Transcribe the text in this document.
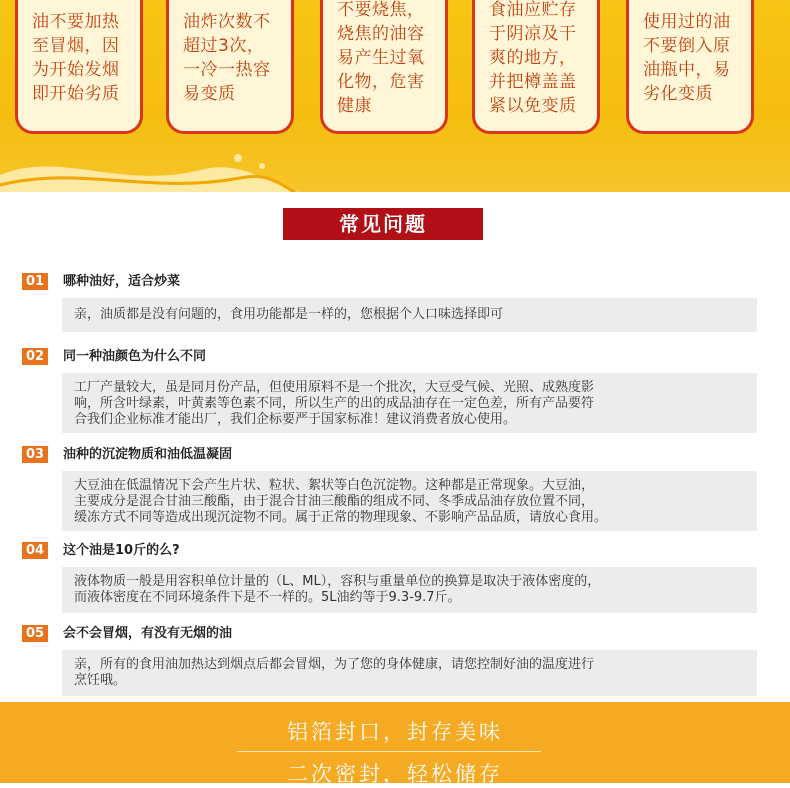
油不要加热
至冒烟，因
为开始发烟
即开始劣质
油炸次数不
超过3次，
一冷一热容
易变质
不要烧焦，
烧焦的油容
易产生过氧
化物，危害
健康
食油应贮存
于阴凉及干
爽的地方，
并把樽盖盖
紧以免变质
使用过的油
不要倒入原
油瓶中，易
劣化变质
常见问题
01	哪种油好，适合炒菜
亲，油质都是没有问题的，食用功能都是一样的，您根据个人口味选择即可
02	同一种油颜色为什么不同
工厂产量较大，虽是同月份产品，但使用原料不是一个批次，大豆受气候、光照、成熟度影
响，所含叶绿素，叶黄素等色素不同，所以生产的出的成品油存在一定色差，所有产品要符
合我们企业标准才能出厂，我们企标要严于国家标准！建议消费者放心使用。
03	油种的沉淀物质和油低温凝固
大豆油在低温情况下会产生片状、粒状、絮状等白色沉淀物。这种都是正常现象。大豆油，
主要成分是混合甘油三酸酯，由于混合甘油三酸酯的组成不同、冬季成品油存放位置不同，
缓冻方式不同等造成出现沉淀物不同。属于正常的物理现象、不影响产品品质，请放心食用。
04	这个油是10斤的么?
液体物质一般是用容积单位计量的（L、ML），容积与重量单位的换算是取决于液体密度的，
而液体密度在不同环境条件下是不一样的。5L油约等于9.3-9.7斤。
05	会不会冒烟，有没有无烟的油
亲，所有的食用油加热达到烟点后都会冒烟，为了您的身体健康，请您控制好油的温度进行
烹饪哦。
铝箔封口，封存美味
二次密封，轻松储存
